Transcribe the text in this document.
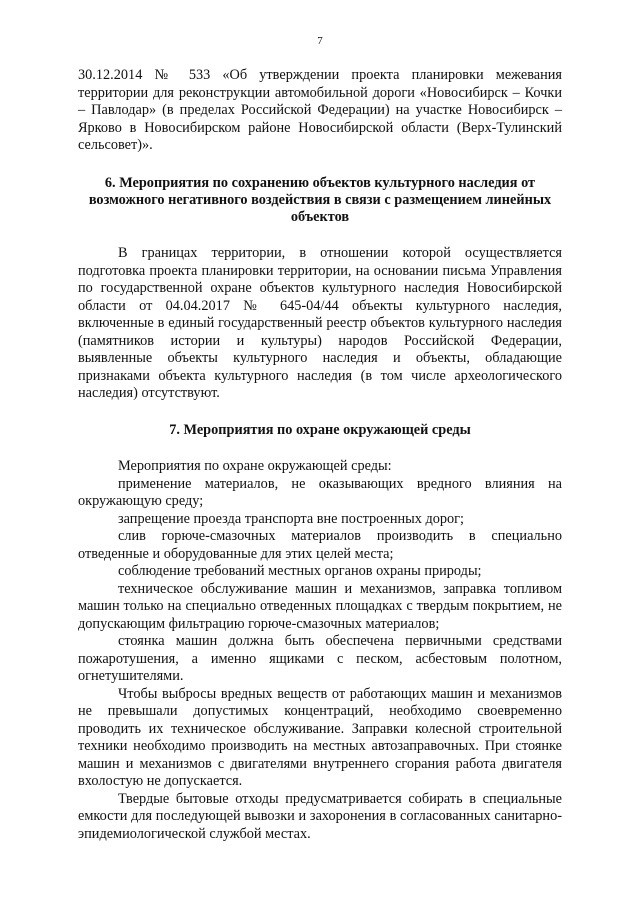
7

30.12.2014 № 533 «Об утверждении проекта планировки межевания территории для реконструкции автомобильной дороги «Новосибирск – Кочки – Павлодар» (в пределах Российской Федерации) на участке Новосибирск – Ярково в Новосибирском районе Новосибирской области (Верх-Тулинский сельсовет)».

6. Мероприятия по сохранению объектов культурного наследия от возможного негативного воздействия в связи с размещением линейных объектов

В границах территории, в отношении которой осуществляется подготовка проекта планировки территории, на основании письма Управления по государственной охране объектов культурного наследия Новосибирской области от 04.04.2017 № 645-04/44 объекты культурного наследия, включенные в единый государственный реестр объектов культурного наследия (памятников истории и культуры) народов Российской Федерации, выявленные объекты культурного наследия и объекты, обладающие признаками объекта культурного наследия (в том числе археологического наследия) отсутствуют.

7. Мероприятия по охране окружающей среды

Мероприятия по охране окружающей среды:

применение материалов, не оказывающих вредного влияния на окружающую среду;

запрещение проезда транспорта вне построенных дорог;

слив горюче-смазочных материалов производить в специально отведенные и оборудованные для этих целей места;

соблюдение требований местных органов охраны природы;

техническое обслуживание машин и механизмов, заправка топливом машин только на специально отведенных площадках с твердым покрытием, не допускающим фильтрацию горюче-смазочных материалов;

стоянка машин должна быть обеспечена первичными средствами пожаротушения, а именно ящиками с песком, асбестовым полотном, огнетушителями.

Чтобы выбросы вредных веществ от работающих машин и механизмов не превышали допустимых концентраций, необходимо своевременно проводить их техническое обслуживание. Заправки колесной строительной техники необходимо производить на местных автозаправочных. При стоянке машин и механизмов с двигателями внутреннего сгорания работа двигателя вхолостую не допускается.

Твердые бытовые отходы предусматривается собирать в специальные емкости для последующей вывозки и захоронения в согласованных санитарно-эпидемиологической службой местах.
